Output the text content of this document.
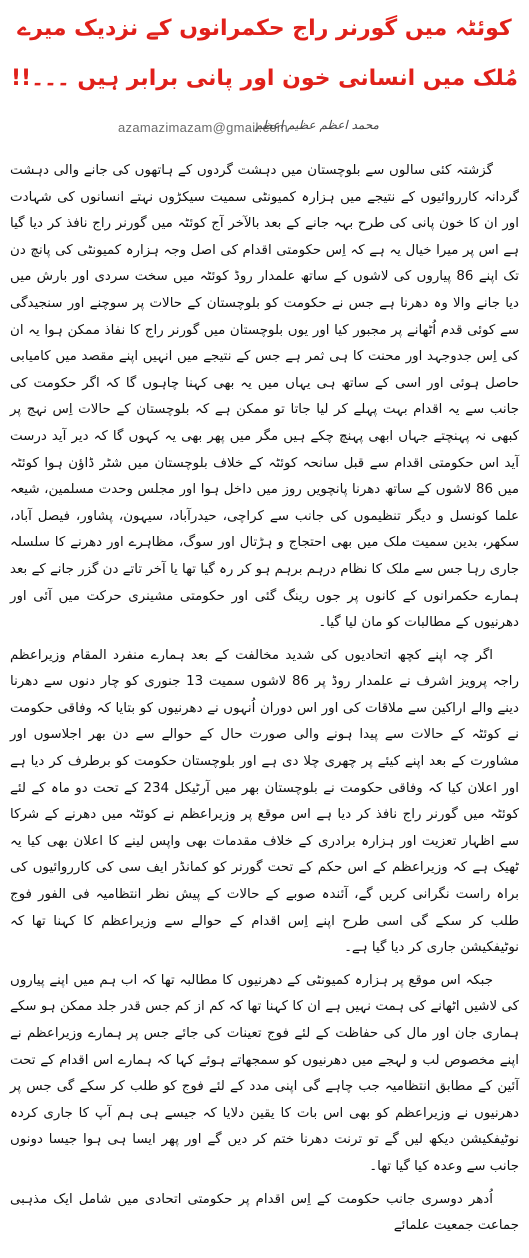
کوئٹہ میں گورنر راج حکمرانوں کے نزدیک میرے مُلک میں انسانی خون اور پانی برابر ہیں ۔۔۔!!
azamazimazam@gmail.com
محمد اعظم عظیم اعظم

گزشتہ کئی سالوں سے بلوچستان میں دہشت گردوں کے ہاتھوں کی جانے والی دہشت گردانہ کارروائیوں کے نتیجے میں ہزارہ کمیونٹی سمیت سیکڑوں نہتے انسانوں کی شہادت اور ان کا خون پانی کی طرح بہہ جانے کے بعد بالآخر آج کوئٹہ میں گورنر راج نافذ کر دیا گیا ہے اس پر میرا خیال یہ ہے کہ اِس حکومتی اقدام کی اصل وجہ ہزارہ کمیونٹی کی پانچ دن تک اپنے 86 پیاروں کی لاشوں کے ساتھ علمدار روڈ کوئٹہ میں سخت سردی اور بارش میں دیا جانے والا وہ دھرنا ہے جس نے حکومت کو بلوچستان کے حالات پر سوچنے اور سنجیدگی سے کوئی قدم اُٹھانے پر مجبور کیا اور یوں بلوچستان میں گورنر راج کا نفاذ ممکن ہوا یہ ان کی اِس جدوجہد اور محنت کا ہی ثمر ہے جس کے نتیجے میں انہیں اپنے مقصد میں کامیابی حاصل ہوئی اور اسی کے ساتھ ہی یہاں میں یہ بھی کہنا چاہوں گا کہ اگر حکومت کی جانب سے یہ اقدام بہت پہلے کر لیا جاتا تو ممکن ہے کہ بلوچستان کے حالات اِس نہج پر کبھی نہ پہنچتے جہاں ابھی پہنچ چکے ہیں مگر میں پھر بھی یہ کہوں گا کہ دیر آید درست آید اس حکومتی اقدام سے قبل سانحہ کوئٹہ کے خلاف بلوچستان میں شٹر ڈاؤن ہوا کوئٹہ میں 86 لاشوں کے ساتھ دھرنا پانچویں روز میں داخل ہوا اور مجلس وحدت مسلمین، شیعہ علما کونسل و دیگر تنظیموں کی جانب سے کراچی، حیدرآباد، سیہون، پشاور، فیصل آباد، سکھر، بدین سمیت ملک میں بھی احتجاج و ہڑتال اور سوگ، مظاہرے اور دھرنے کا سلسلہ جاری رہا جس سے ملک کا نظام درہم برہم ہو کر رہ گیا تھا یا آخر تاتے دن گزر جانے کے بعد ہمارے حکمرانوں کے کانوں پر جوں رینگ گئی اور حکومتی مشینری حرکت میں آئی اور دھرنیوں کے مطالبات کو مان لیا گیا۔

اگر چہ اپنے کچھ اتحادیوں کی شدید مخالفت کے بعد ہمارے منفرد المقام وزیراعظم راجہ پرویز اشرف نے علمدار روڈ پر 86 لاشوں سمیت 13 جنوری کو چار دنوں سے دھرنا دینے والے اراکین سے ملاقات کی اور اس دوران اُنہوں نے دھرنیوں کو بتایا کہ وفاقی حکومت نے کوئٹہ کے حالات سے پیدا ہونے والی صورت حال کے حوالے سے دن بھر اجلاسوں اور مشاورت کے بعد اپنے کیئے پر چھری چلا دی ہے اور بلوچستان حکومت کو برطرف کر دیا ہے اور اعلان کیا کہ وفاقی حکومت نے بلوچستان بھر میں آرٹیکل 234 کے تحت دو ماہ کے لئے کوئٹہ میں گورنر راج نافذ کر دیا ہے اس موقع پر وزیراعظم نے کوئٹہ میں دھرنے کے شرکا سے اظہار تعزیت اور ہزارہ برادری کے خلاف مقدمات بھی واپس لینے کا اعلان بھی کیا یہ ٹھیک ہے کہ وزیراعظم کے اس حکم کے تحت گورنر کو کمانڈر ایف سی کی کارروائیوں کی براہ راست نگرانی کریں گے، آئندہ صوبے کے حالات کے پیش نظر انتظامیہ فی الفور فوج طلب کر سکے گی اسی طرح اپنے اِس اقدام کے حوالے سے وزیراعظم کا کہنا تھا کہ نوٹیفکیشن جاری کر دیا گیا ہے۔

جبکہ اس موقع پر ہزارہ کمیونٹی کے دھرنیوں کا مطالبہ تھا کہ اب ہم میں اپنے پیاروں کی لاشیں اٹھانے کی ہمت نہیں ہے ان کا کہنا تھا کہ کم از کم جس قدر جلد ممکن ہو سکے ہماری جان اور مال کی حفاظت کے لئے فوج تعینات کی جائے جس پر ہمارے وزیراعظم نے اپنے مخصوص لب و لہجے میں دھرنیوں کو سمجھاتے ہوئے کہا کہ ہمارے اس اقدام کے تحت آئین کے مطابق انتظامیہ جب چاہے گی اپنی مدد کے لئے فوج کو طلب کر سکے گی جس پر دھرنیوں نے وزیراعظم کو بھی اس بات کا یقین دلایا کہ جیسے ہی ہم آپ کا جاری کردہ نوٹیفکیشن دیکھ لیں گے تو ترنت دھرنا ختم کر دیں گے اور پھر ایسا ہی ہوا جیسا دونوں جانب سے وعدہ کیا گیا تھا۔

اُدھر دوسری جانب حکومت کے اِس اقدام پر حکومتی اتحادی میں شامل ایک مذہبی جماعت جمعیت علمائے
